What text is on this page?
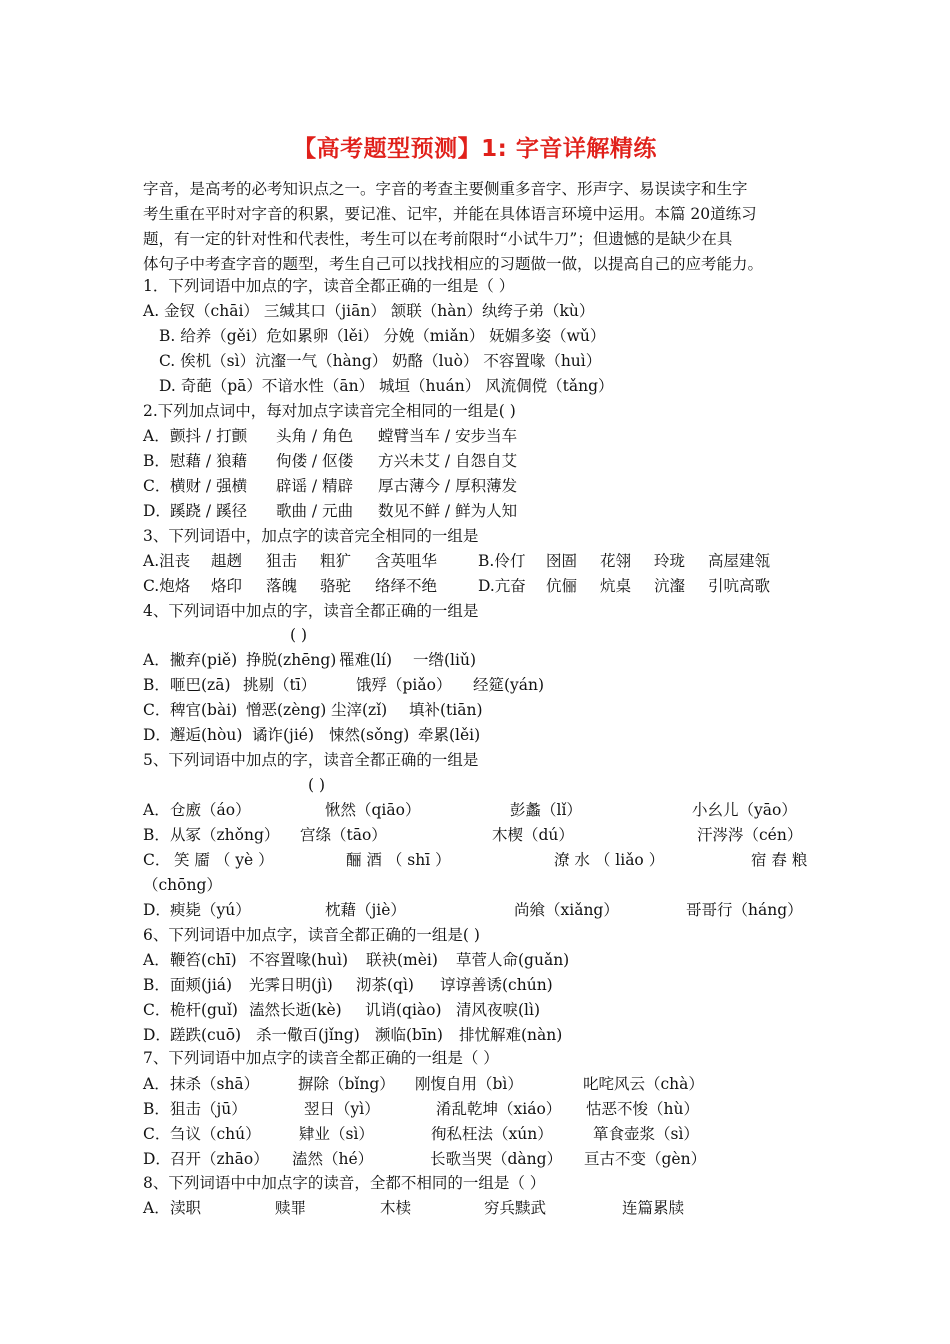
【高考题型预测】1: 字音详解精练
字音，是高考的必考知识点之一。字音的考查主要侧重多音字、形声字、易误读字和生字
考生重在平时对字音的积累，要记准、记牢，并能在具体语言环境中运用。本篇 20道练习
题，有一定的针对性和代表性，考生可以在考前限时“小试牛刀”；但遗憾的是缺少在具
体句子中考查字音的题型，考生自己可以找找相应的习题做一做，以提高自己的应考能力。
1．下列词语中加点的字，读音全都正确的一组是（ ）
A. 金钗（chāi） 三缄其口（jiān） 颔联（hàn）纨绔子弟（kù）
B. 给养（gěi）危如累卵（lěi） 分娩（miǎn） 妩媚多姿（wǔ）
C. 俟机（sì）沆瀣一气（hàng） 奶酪（luò） 不容置喙（huì）
D. 奇葩（pā）不谙水性（ān） 城垣（huán） 风流倜傥（tǎng）
2.下列加点词中，每对加点字读音完全相同的一组是( )
A． 颤抖 / 打颤 头角 / 角色 螳臂当车 / 安步当车
B． 慰藉 / 狼藉 佝偻 / 伛偻 方兴未艾 / 自怨自艾
C． 横财 / 强横 辟谣 / 精辟 厚古薄今 / 厚积薄发
D． 蹊跷 / 蹊径 歌曲 / 元曲 数见不鲜 / 鲜为人知
3、下列词语中，加点字的读音完全相同的一组是
A.沮丧 趄趔 狙击 粗犷 含英咀华	B.伶仃 囹圄 花翎 玲珑 高屋建瓴
C.炮烙 烙印 落魄 骆驼 络绎不绝	D.亢奋 伉俪 炕桌 沆瀣 引吭高歌
4、下列词语中加点的字，读音全都正确的一组是
( )
A． 撇弃(piě) 挣脱(zhēng) 罹难(lí) 一绺(liǔ)
B． 咂巴(zā) 挑剔（tī）	饿殍（piǎo） 经筵(yán)
C． 稗官(bài) 憎恶(zèng) 尘滓(zǐ) 填补(tiān)
D． 邂逅(hòu) 谲诈(jié) 悚然(sǒng) 牵累(lěi)
5、下列词语中加点的字，读音全都正确的一组是
( )
A． 仓廒（áo）	愀然（qiāo）	彭蠡（lǐ）	小幺儿（yāo）
B． 从冢（zhǒng） 宫绦（tāo）	木楔（dú）	汗涔涔（cén）
C． 笑 靥 （ yè ）	酾 酒 （ shī ）	潦 水 （ liǎo ）	宿 舂 粮
（chōng）
D． 瘐毙（yú）	枕藉（jiè）	尚飨（xiǎng）	哥哥行（háng）
6、下列词语中加点字，读音全都正确的一组是( )
A． 鞭笞(chī) 不容置喙(huì) 联袂(mèi) 草菅人命(guǎn)
B． 面颊(jiá) 光霁日明(jì) 沏茶(qì) 谆谆善诱(chún)
C． 桅杆(guǐ) 溘然长逝(kè) 讥诮(qiào) 清风夜唳(lì)
D． 蹉跌(cuō) 杀一儆百(jǐng) 濒临(bīn) 排忧解难(nàn)
7、下列词语中加点字的读音全都正确的一组是（ ）
A． 抹杀（shā）	摒除（bǐng） 刚愎自用（bì）	叱咤风云（chà）
B． 狙击（jū）	翌日（yì）	淆乱乾坤（xiáo） 怙恶不悛（hù）
C． 刍议（chú） 肄业（sì）	徇私枉法（xún）	箪食壶浆（sì）
D． 召开（zhāo） 溘然（hé）	长歌当哭（dàng） 亘古不变（gèn）
8、下列词语中中加点字的读音，全都不相同的一组是（ ）
A． 渎职	赎罪	木椟	穷兵黩武	连篇累牍
